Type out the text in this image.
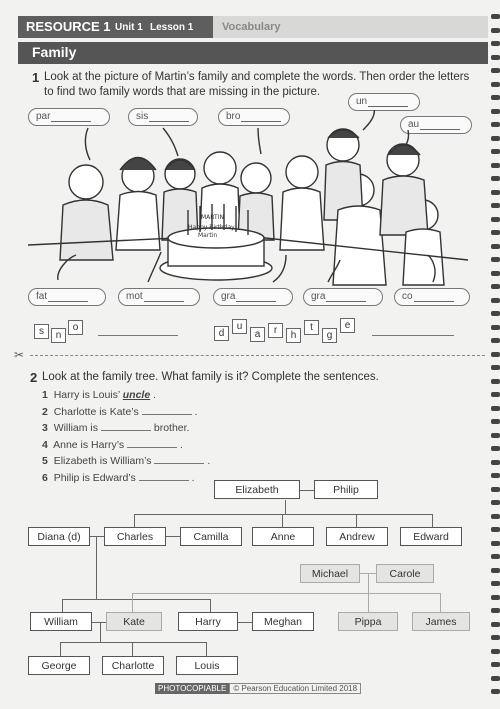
RESOURCE 1 Unit 1 Lesson 1	Vocabulary
Family
1 Look at the picture of Martin’s family and complete the words. Then order the letters
to find two family words that are missing in the picture.
par	sis	bro
un
au
MARTIN
Happy Birthday
Martin
fat	mot	gra	gra	co
s	n
o
d
u
a	r	h
t
g
e
✂
2 Look at the family tree. What family is it? Complete the sentences.
1 Harry is Louis’ uncle .
2 Charlotte is Kate’s	.
3 William is	brother.
4 Anne is Harry’s	.
5 Elizabeth is William’s	.
6 Philip is Edward’s	.
Elizabeth	Philip
Diana (d)	Charles	Camilla	Anne	Andrew	Edward
Michael	Carole
William	Kate	Harry	Meghan	Pippa	James
George	Charlotte	Louis
PHOTOCOPIABLE © Pearson Education Limited 2018
